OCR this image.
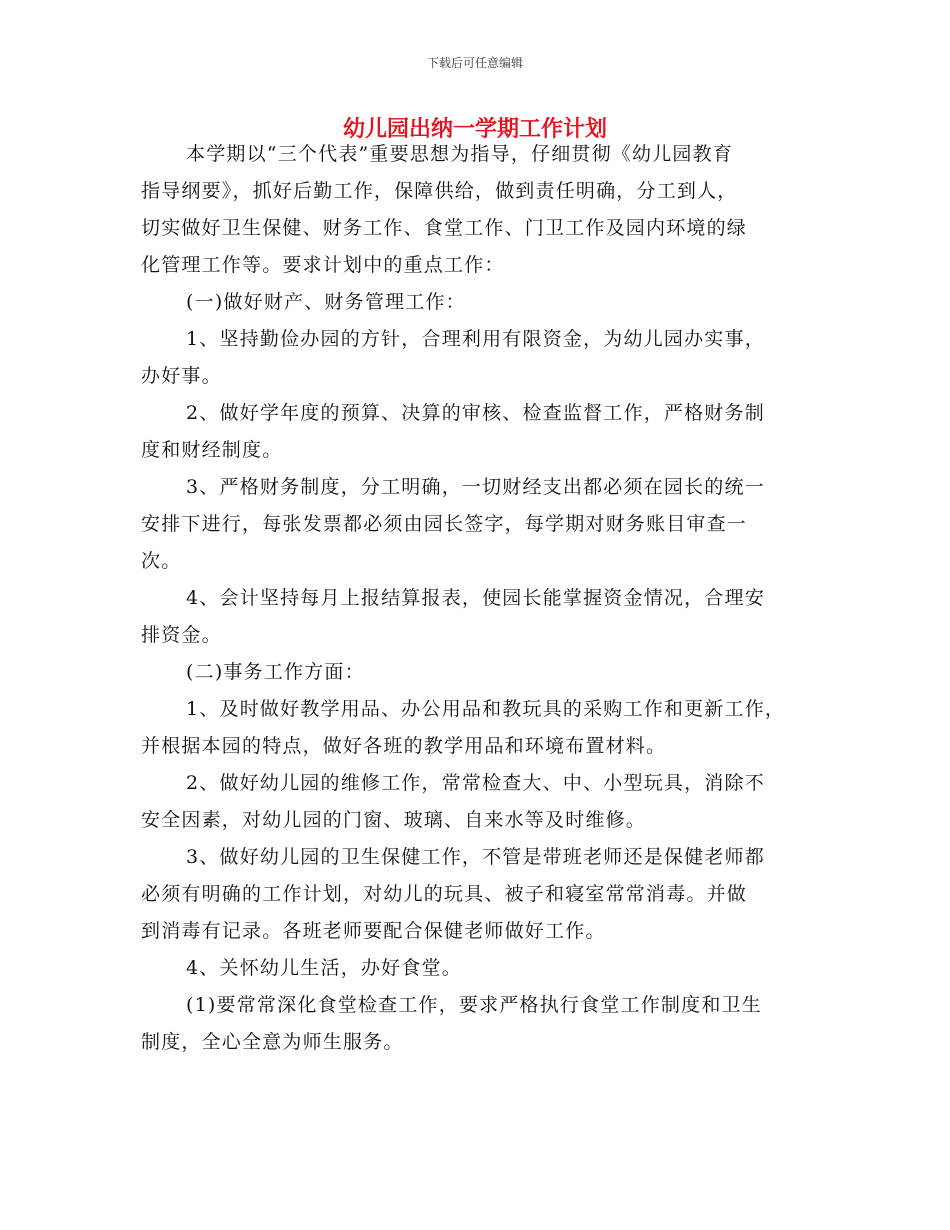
下载后可任意编辑
幼儿园出纳一学期工作计划
本学期以“三个代表”重要思想为指导，仔细贯彻《幼儿园教育
指导纲要》，抓好后勤工作，保障供给，做到责任明确，分工到人，
切实做好卫生保健、财务工作、食堂工作、门卫工作及园内环境的绿
化管理工作等。要求计划中的重点工作：
(一)做好财产、财务管理工作：
1、坚持勤俭办园的方针，合理利用有限资金，为幼儿园办实事，
办好事。
2、做好学年度的预算、决算的审核、检查监督工作，严格财务制
度和财经制度。
3、严格财务制度，分工明确，一切财经支出都必须在园长的统一
安排下进行，每张发票都必须由园长签字，每学期对财务账目审查一
次。
4、会计坚持每月上报结算报表，使园长能掌握资金情况，合理安
排资金。
(二)事务工作方面：
1、及时做好教学用品、办公用品和教玩具的采购工作和更新工作，
并根据本园的特点，做好各班的教学用品和环境布置材料。
2、做好幼儿园的维修工作，常常检查大、中、小型玩具，消除不
安全因素，对幼儿园的门窗、玻璃、自来水等及时维修。
3、做好幼儿园的卫生保健工作，不管是带班老师还是保健老师都
必须有明确的工作计划，对幼儿的玩具、被子和寝室常常消毒。并做
到消毒有记录。各班老师要配合保健老师做好工作。
4、关怀幼儿生活，办好食堂。
(1)要常常深化食堂检查工作，要求严格执行食堂工作制度和卫生
制度，全心全意为师生服务。
